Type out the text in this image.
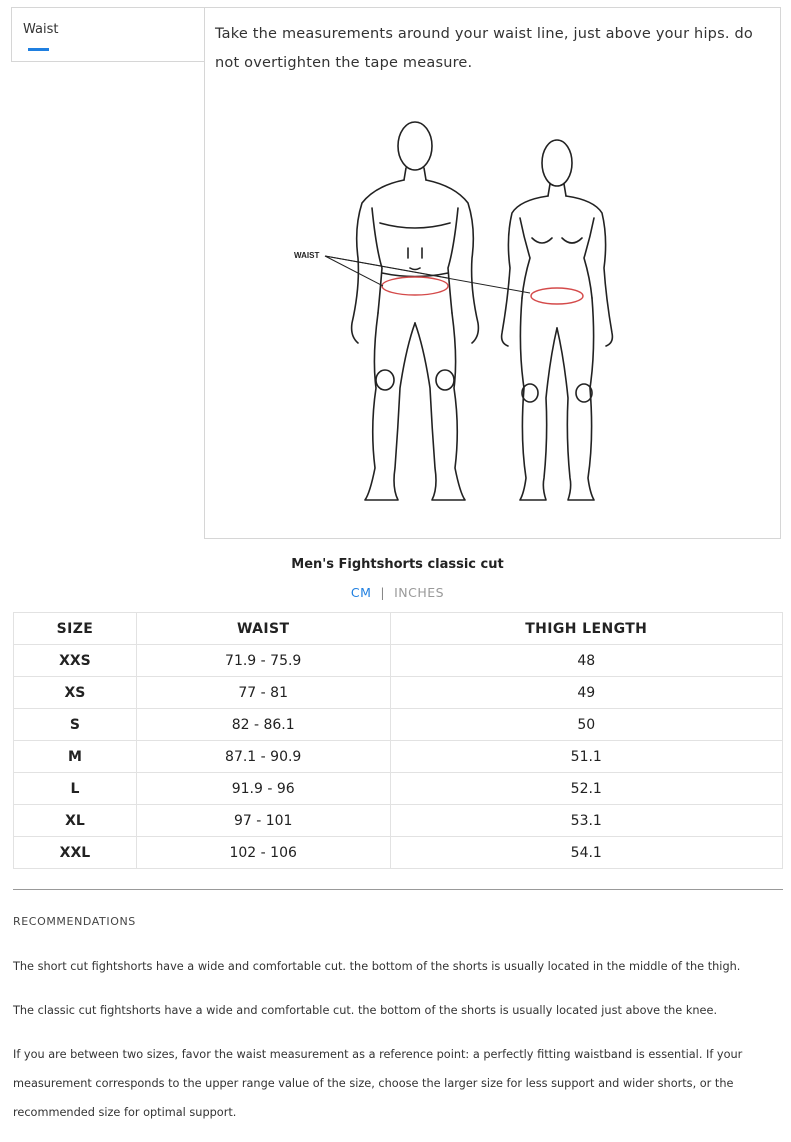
Waist	Take the measurements around your waist line, just above your hips. do not overtighten the tape measure.
WAIST
Men's Fightshorts classic cut
CM | INCHES
SIZE	WAIST	THIGH LENGTH
XXS	71.9 - 75.9	48
XS	77 - 81	49
S	82 - 86.1	50
M	87.1 - 90.9	51.1
L	91.9 - 96	52.1
XL	97 - 101	53.1
XXL	102 - 106	54.1
RECOMMENDATIONS
The short cut fightshorts have a wide and comfortable cut. the bottom of the shorts is usually located in the middle of the thigh.
The classic cut fightshorts have a wide and comfortable cut. the bottom of the shorts is usually located just above the knee.
If you are between two sizes, favor the waist measurement as a reference point: a perfectly fitting waistband is essential. If your measurement corresponds to the upper range value of the size, choose the larger size for less support and wider shorts, or the recommended size for optimal support.
